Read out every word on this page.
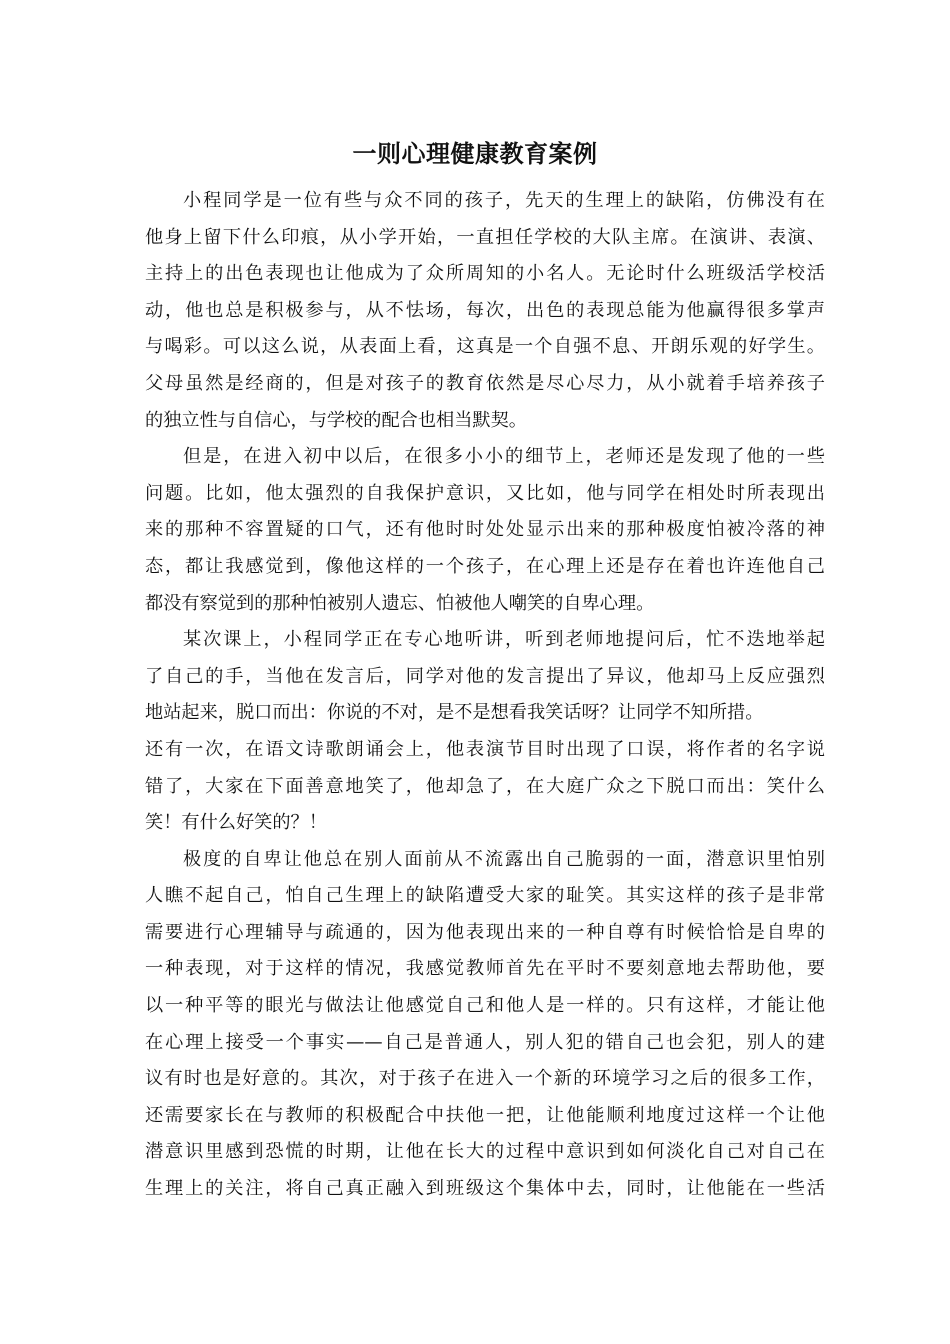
一则心理健康教育案例
小程同学是一位有些与众不同的孩子，先天的生理上的缺陷，仿佛没有在
他身上留下什么印痕，从小学开始，一直担任学校的大队主席。在演讲、表演、
主持上的出色表现也让他成为了众所周知的小名人。无论时什么班级活学校活
动，他也总是积极参与，从不怯场，每次，出色的表现总能为他赢得很多掌声
与喝彩。可以这么说，从表面上看，这真是一个自强不息、开朗乐观的好学生。
父母虽然是经商的，但是对孩子的教育依然是尽心尽力，从小就着手培养孩子
的独立性与自信心，与学校的配合也相当默契。
但是，在进入初中以后，在很多小小的细节上，老师还是发现了他的一些
问题。比如，他太强烈的自我保护意识，又比如，他与同学在相处时所表现出
来的那种不容置疑的口气，还有他时时处处显示出来的那种极度怕被冷落的神
态，都让我感觉到，像他这样的一个孩子，在心理上还是存在着也许连他自己
都没有察觉到的那种怕被别人遗忘、怕被他人嘲笑的自卑心理。
某次课上，小程同学正在专心地听讲，听到老师地提问后，忙不迭地举起
了自己的手，当他在发言后，同学对他的发言提出了异议，他却马上反应强烈
地站起来，脱口而出：你说的不对，是不是想看我笑话呀？让同学不知所措。
还有一次，在语文诗歌朗诵会上，他表演节目时出现了口误，将作者的名字说
错了，大家在下面善意地笑了，他却急了，在大庭广众之下脱口而出：笑什么
笑！有什么好笑的？！
极度的自卑让他总在别人面前从不流露出自己脆弱的一面，潜意识里怕别
人瞧不起自己，怕自己生理上的缺陷遭受大家的耻笑。其实这样的孩子是非常
需要进行心理辅导与疏通的，因为他表现出来的一种自尊有时候恰恰是自卑的
一种表现，对于这样的情况，我感觉教师首先在平时不要刻意地去帮助他，要
以一种平等的眼光与做法让他感觉自己和他人是一样的。只有这样，才能让他
在心理上接受一个事实——自己是普通人，别人犯的错自己也会犯，别人的建
议有时也是好意的。其次，对于孩子在进入一个新的环境学习之后的很多工作，
还需要家长在与教师的积极配合中扶他一把，让他能顺利地度过这样一个让他
潜意识里感到恐慌的时期，让他在长大的过程中意识到如何淡化自己对自己在
生理上的关注，将自己真正融入到班级这个集体中去，同时，让他能在一些活
